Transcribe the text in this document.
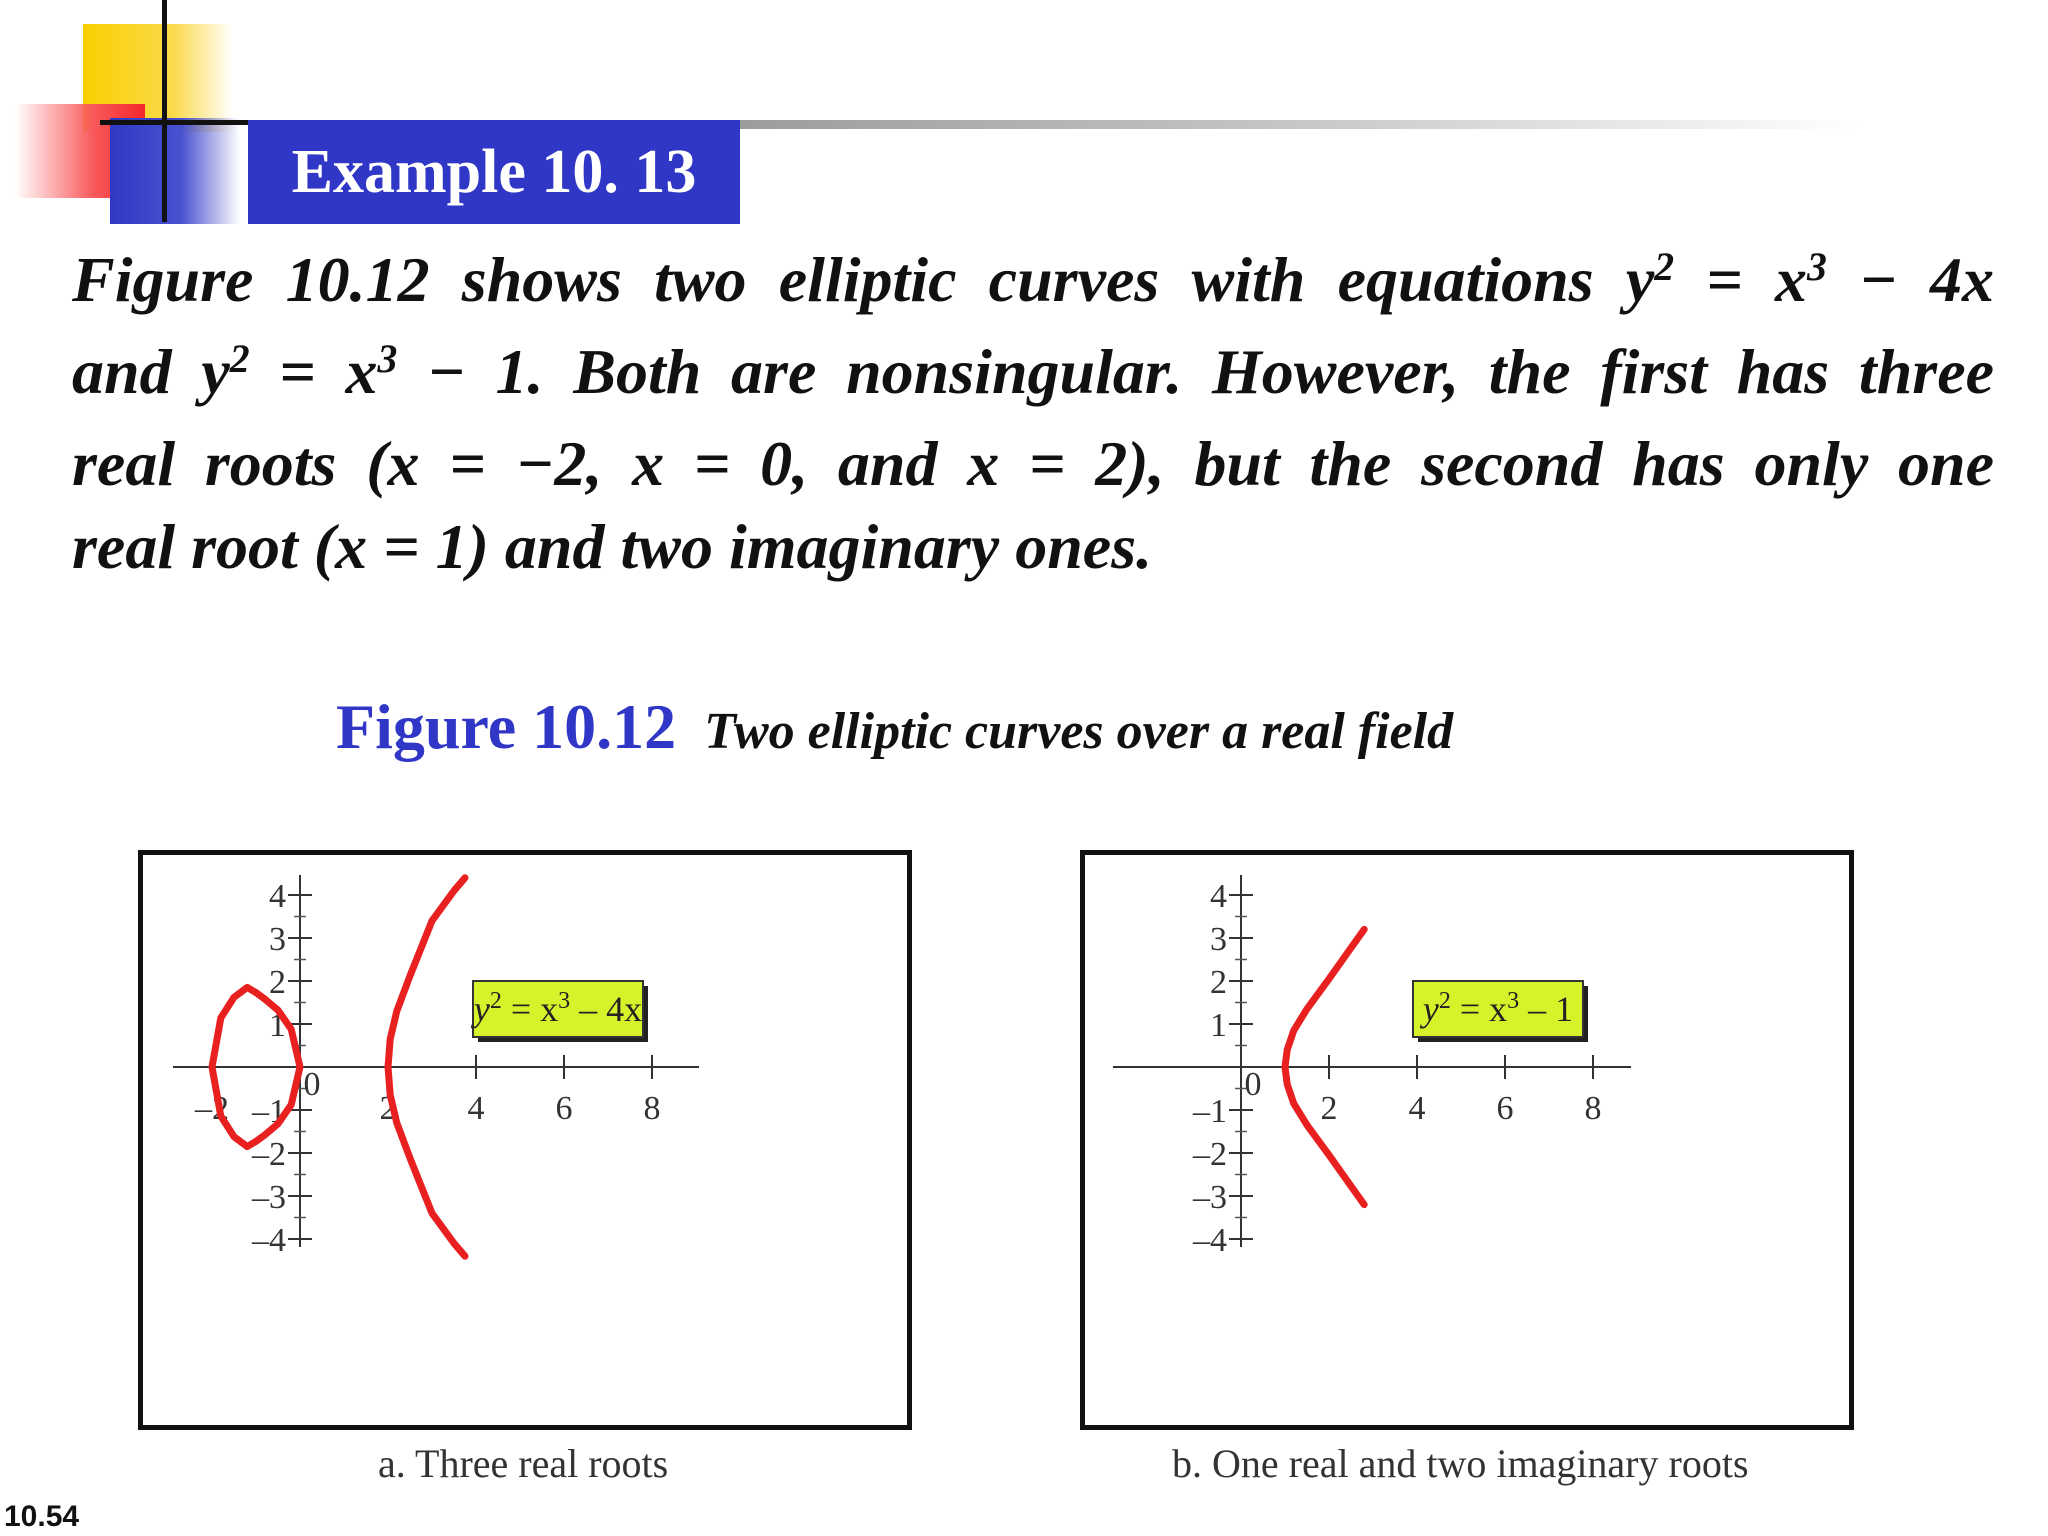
Example 10. 13
Figure 10.12 shows two elliptic curves with equations $y^2 = x^3 - 4x$
and $y^2 = x^3 - 1$. Both are nonsingular. However, the first has three
real roots (x = −2, x = 0, and x = 2), but the second has only one
real root (x = 1) and two imaginary ones.
Figure 10.12 Two elliptic curves over a real field
4
3
2
1
–1
–2
–3
–4
–2
0
2 4 6 8
$y^2 = x^3 - 4x$
4
3
2
1
–1
–2
–3
–4
0
2 4 6 8
$y^2 = x^3 - 1$
a. Three real roots	b. One real and two imaginary roots
10.54
